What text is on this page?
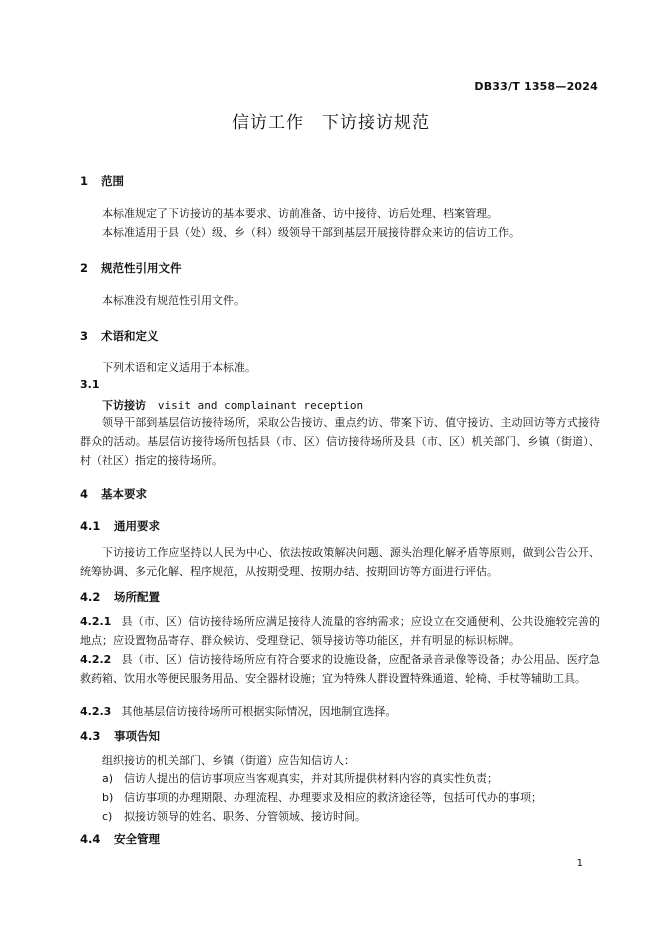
DB33/T 1358—2024
信访工作　下访接访规范
1 范围
本标准规定了下访接访的基本要求、访前准备、访中接待、访后处理、档案管理。
本标准适用于县（处）级、乡（科）级领导干部到基层开展接待群众来访的信访工作。
2 规范性引用文件
本标准没有规范性引用文件。
3 术语和定义
下列术语和定义适用于本标准。
3.1
下访接访 visit and complainant reception
领导干部到基层信访接待场所，采取公告接访、重点约访、带案下访、值守接访、主动回访等方式接待群众的活动。基层信访接待场所包括县（市、区）信访接待场所及县（市、区）机关部门、乡镇（街道）、村（社区）指定的接待场所。
4 基本要求
4.1 通用要求
下访接访工作应坚持以人民为中心、依法按政策解决问题、源头治理化解矛盾等原则，做到公告公开、统筹协调、多元化解、程序规范，从按期受理、按期办结、按期回访等方面进行评估。
4.2 场所配置
4.2.1 县（市、区）信访接待场所应满足接待人流量的容纳需求；应设立在交通便利、公共设施较完善的地点；应设置物品寄存、群众候访、受理登记、领导接访等功能区，并有明显的标识标牌。
4.2.2 县（市、区）信访接待场所应有符合要求的设施设备，应配备录音录像等设备；办公用品、医疗急救药箱、饮用水等便民服务用品、安全器材设施；宜为特殊人群设置特殊通道、轮椅、手杖等辅助工具。
4.2.3 其他基层信访接待场所可根据实际情况，因地制宜选择。
4.3 事项告知
组织接访的机关部门、乡镇（街道）应告知信访人：
a) 信访人提出的信访事项应当客观真实，并对其所提供材料内容的真实性负责；
b) 信访事项的办理期限、办理流程、办理要求及相应的救济途径等，包括可代办的事项；
c) 拟接访领导的姓名、职务、分管领域、接访时间。
4.4 安全管理
1
